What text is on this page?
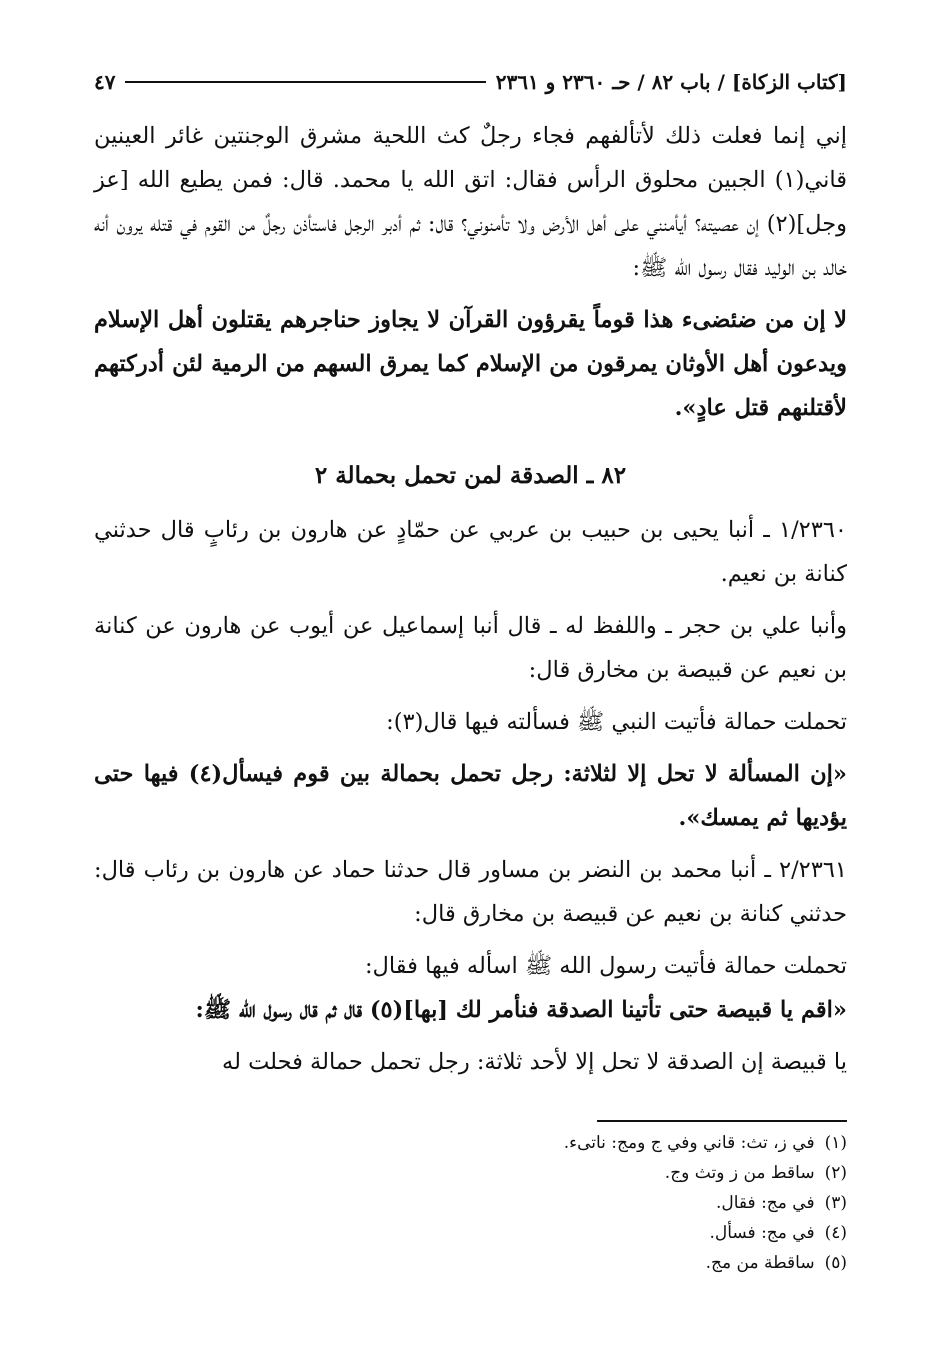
[كتاب الزكاة] / باب ٨٢ / حـ ٢٣٦٠ و ٢٣٦١
٤٧

إني إنما فعلت ذلك لأتألفهم فجاء رجلٌ كث اللحية مشرق الوجنتين غائر العينين قاني(١) الجبين محلوق الرأس فقال: اتق الله يا محمد. قال: فمن يطيع الله [عز وجل](٢) إن عصيته؟ أيأمنني على أهل الأرض ولا تأمنوني؟ قال: ثم أدبر الرجل فاستأذن رجلٌ من القوم في قتله يرون أنه خالد بن الوليد فقال رسول الله ﷺ:

لا إن من ضئضىء هذا قوماً يقرؤون القرآن لا يجاوز حناجرهم يقتلون أهل الإسلام ويدعون أهل الأوثان يمرقون من الإسلام كما يمرق السهم من الرمية لئن أدركتهم لأقتلنهم قتل عادٍ».

٨٢ ـ الصدقة لمن تحمل بحمالة ٢

١/٢٣٦٠ ـ أنبا يحيى بن حبيب بن عربي عن حمّادٍ عن هارون بن رئابٍ قال حدثني كنانة بن نعيم.

وأنبا علي بن حجر ـ واللفظ له ـ قال أنبا إسماعيل عن أيوب عن هارون عن كنانة بن نعيم عن قبيصة بن مخارق قال:

تحملت حمالة فأتيت النبي ﷺ فسألته فيها قال(٣):

«إن المسألة لا تحل إلا لثلاثة: رجل تحمل بحمالة بين قوم فيسأل(٤) فيها حتى يؤديها ثم يمسك».

٢/٢٣٦١ ـ أنبا محمد بن النضر بن مساور قال حدثنا حماد عن هارون بن رئاب قال: حدثني كنانة بن نعيم عن قبيصة بن مخارق قال:

تحملت حمالة فأتيت رسول الله ﷺ اسأله فيها فقال:

«اقم يا قبيصة حتى تأتينا الصدقة فنأمر لك [بها](٥) قال ثم قال رسول الله ﷺ:

يا قبيصة إن الصدقة لا تحل إلا لأحد ثلاثة: رجل تحمل حمالة فحلت له

(١)
في ز، تث: قاني وفي ج ومج: ناتىء.
(٢)
ساقط من ز وتث وج.
(٣)
في مج: فقال.
(٤)
في مج: فسأل.
(٥)
ساقطة من مج.
